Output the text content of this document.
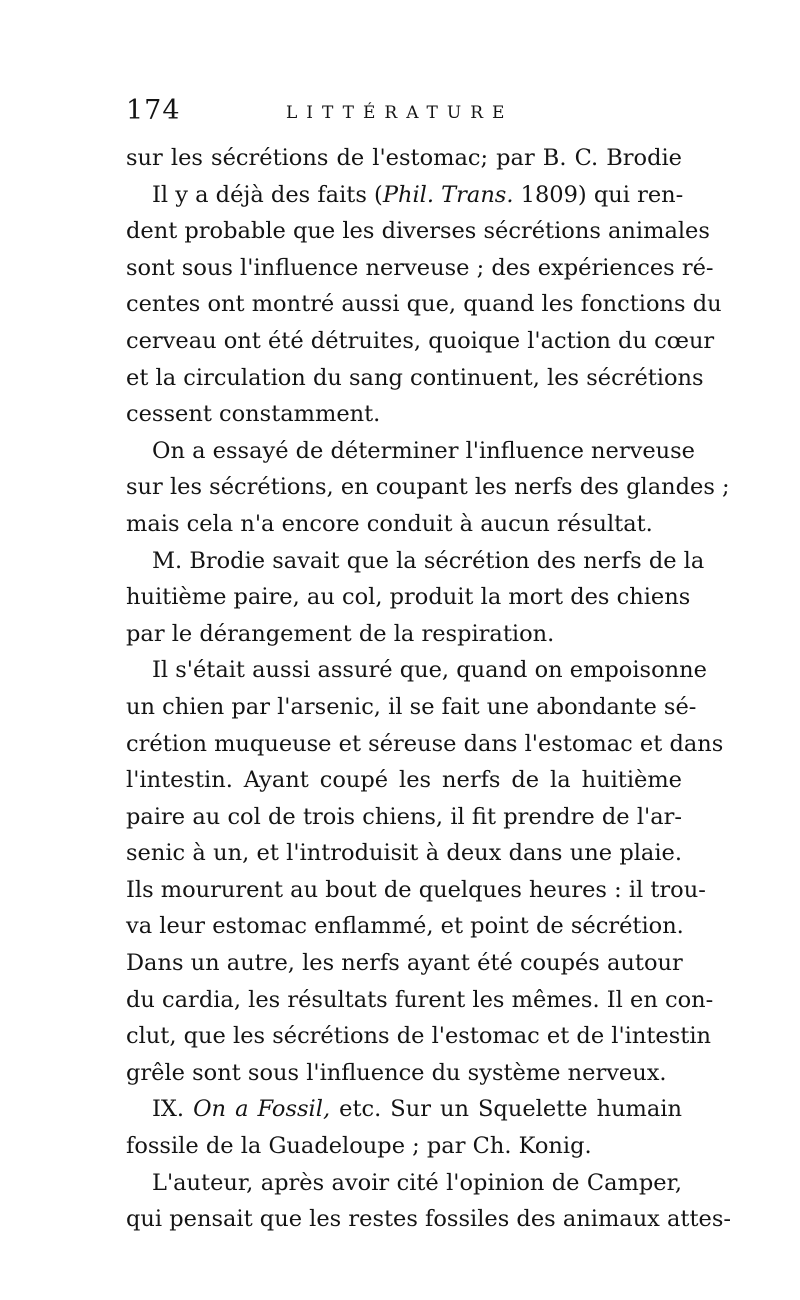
174	LITTÉRATURE
sur les sécrétions de l'estomac; par B. C. Brodie
Il y a déjà des faits (Phil. Trans. 1809) qui ren-
dent probable que les diverses sécrétions animales
sont sous l'influence nerveuse ; des expériences ré-
centes ont montré aussi que, quand les fonctions du
cerveau ont été détruites, quoique l'action du cœur
et la circulation du sang continuent, les sécrétions
cessent constamment.
On a essayé de déterminer l'influence nerveuse
sur les sécrétions, en coupant les nerfs des glandes ;
mais cela n'a encore conduit à aucun résultat.
M. Brodie savait que la sécrétion des nerfs de la
huitième paire, au col, produit la mort des chiens
par le dérangement de la respiration.
Il s'était aussi assuré que, quand on empoisonne
un chien par l'arsenic, il se fait une abondante sé-
crétion muqueuse et séreuse dans l'estomac et dans
l'intestin. Ayant coupé les nerfs de la huitième
paire au col de trois chiens, il fit prendre de l'ar-
senic à un, et l'introduisit à deux dans une plaie.
Ils moururent au bout de quelques heures : il trou-
va leur estomac enflammé, et point de sécrétion.
Dans un autre, les nerfs ayant été coupés autour
du cardia, les résultats furent les mêmes. Il en con-
clut, que les sécrétions de l'estomac et de l'intestin
grêle sont sous l'influence du système nerveux.
IX. On a Fossil, etc. Sur un Squelette humain
fossile de la Guadeloupe ; par Ch. Konig.
L'auteur, après avoir cité l'opinion de Camper,
qui pensait que les restes fossiles des animaux attes-
